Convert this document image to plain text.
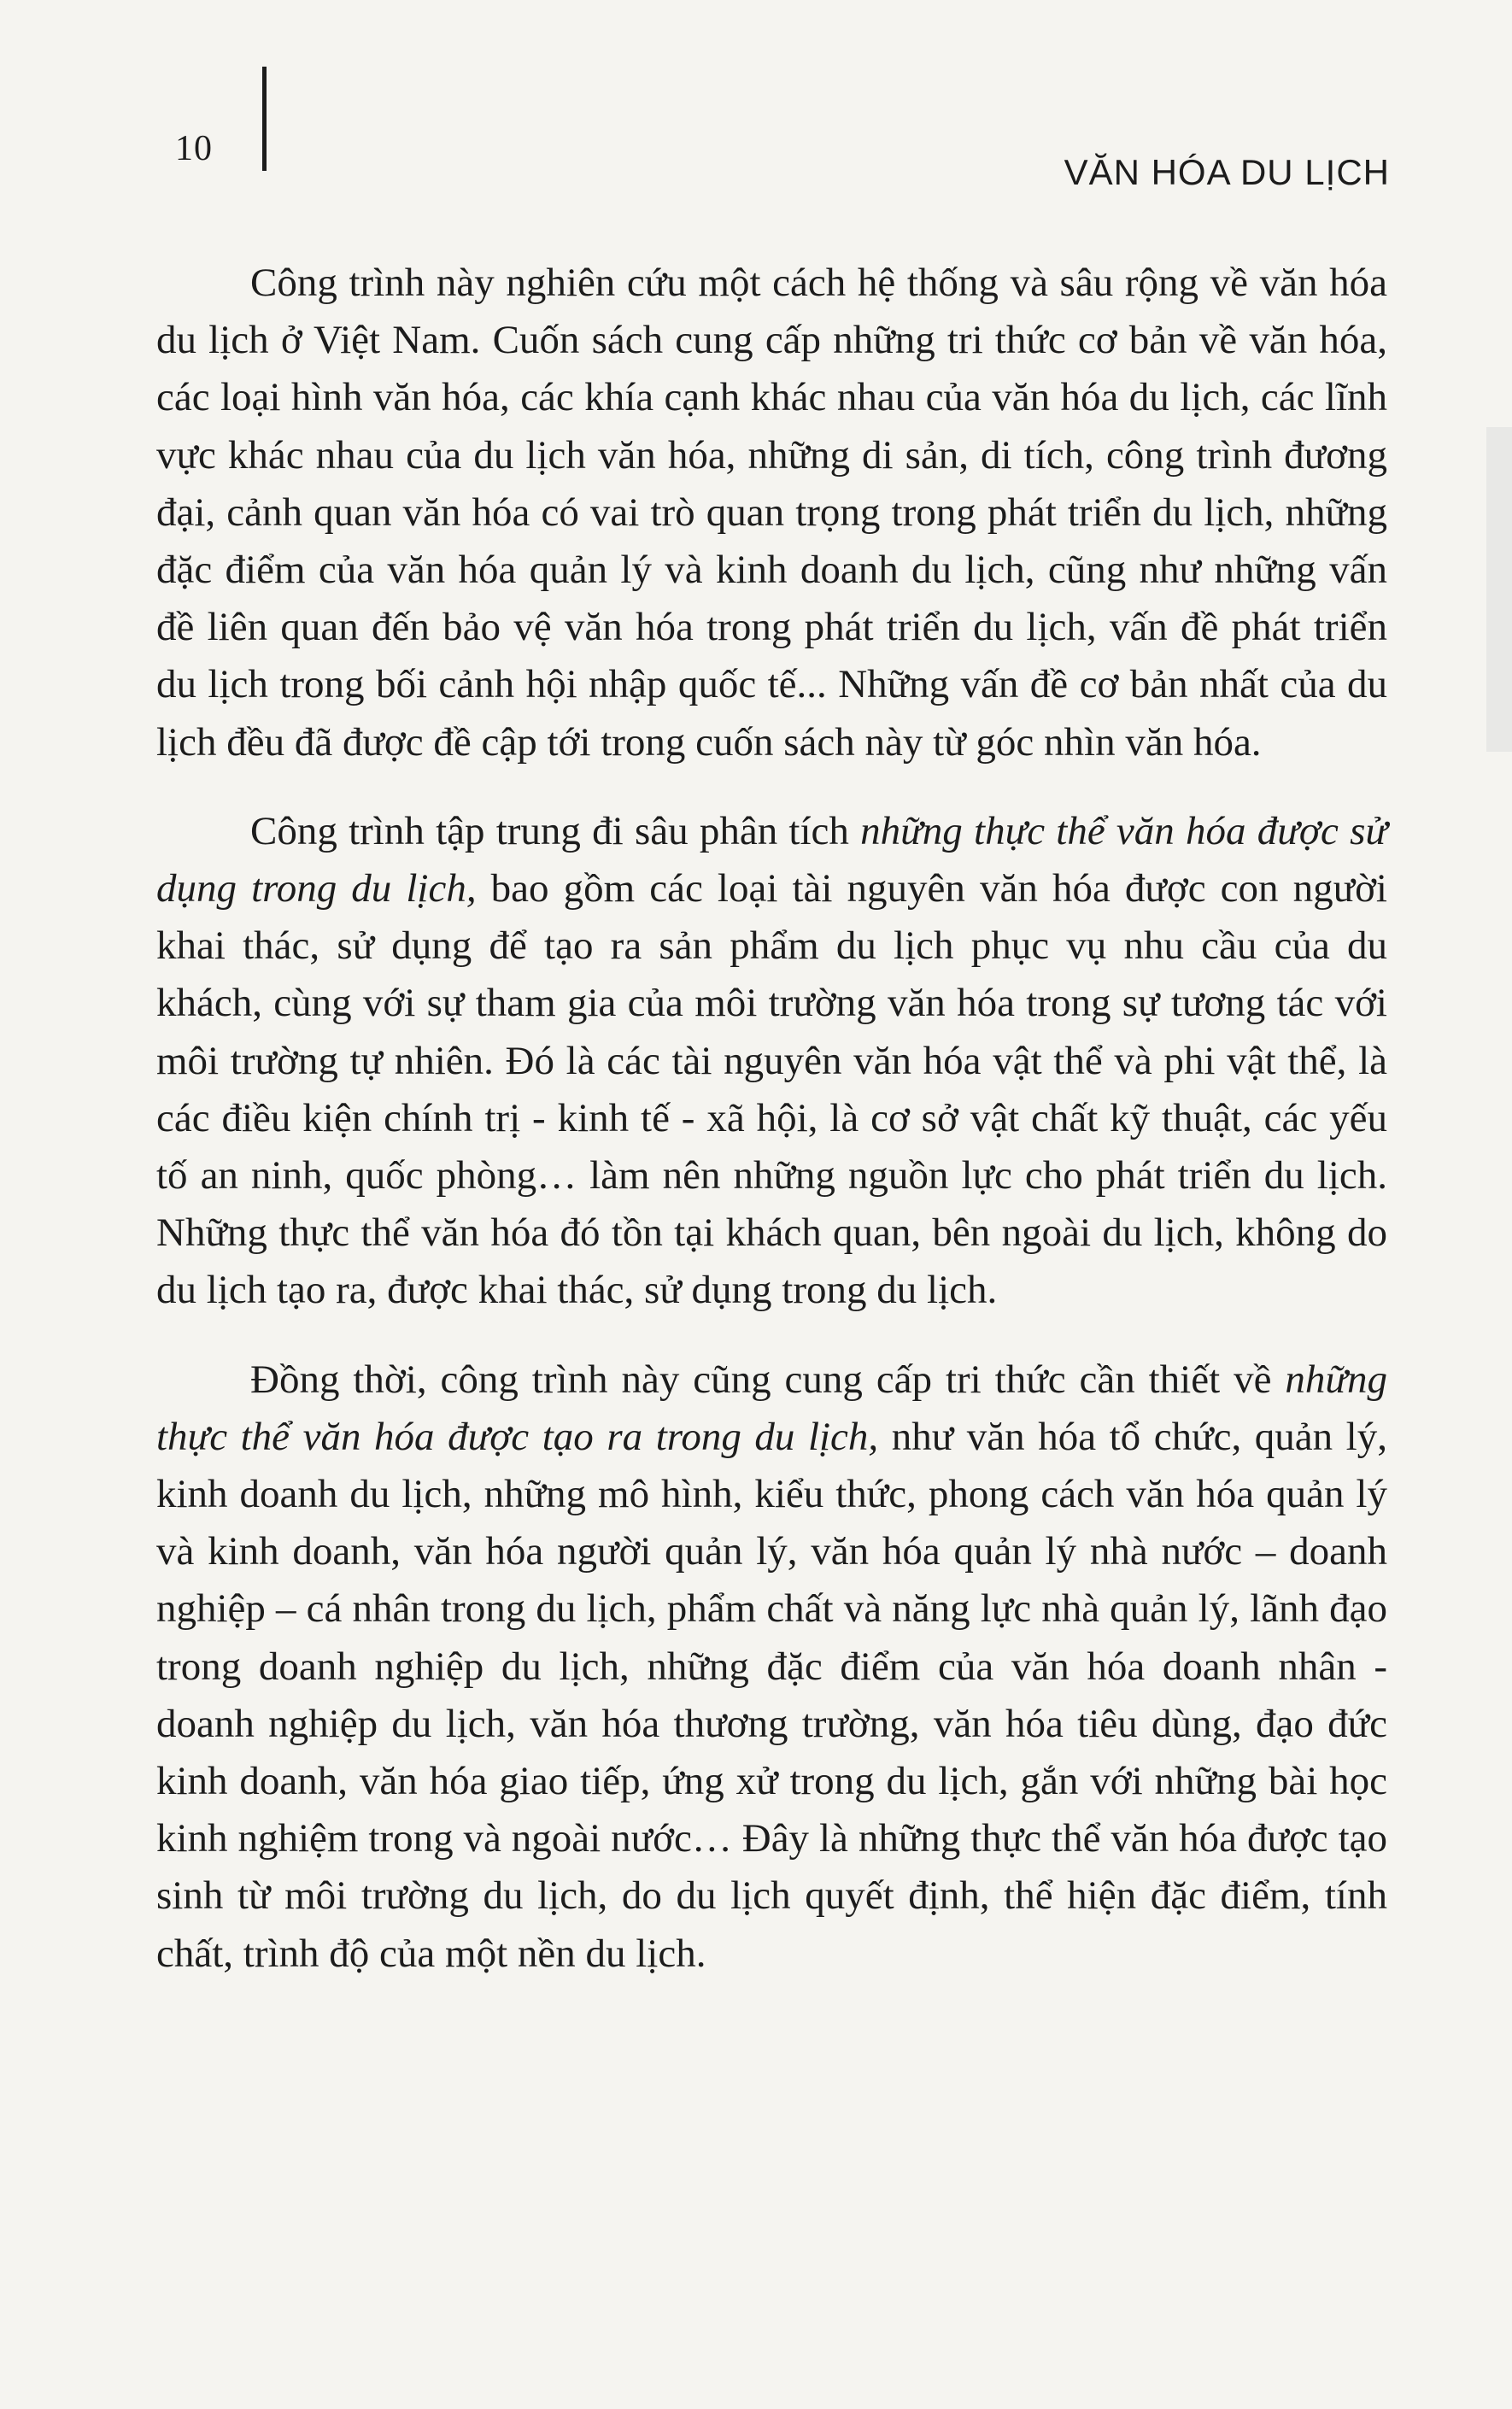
10
VĂN HÓA DU LỊCH

Công trình này nghiên cứu một cách hệ thống và sâu rộng về văn hóa du lịch ở Việt Nam. Cuốn sách cung cấp những tri thức cơ bản về văn hóa, các loại hình văn hóa, các khía cạnh khác nhau của văn hóa du lịch, các lĩnh vực khác nhau của du lịch văn hóa, những di sản, di tích, công trình đương đại, cảnh quan văn hóa có vai trò quan trọng trong phát triển du lịch, những đặc điểm của văn hóa quản lý và kinh doanh du lịch, cũng như những vấn đề liên quan đến bảo vệ văn hóa trong phát triển du lịch, vấn đề phát triển du lịch trong bối cảnh hội nhập quốc tế... Những vấn đề cơ bản nhất của du lịch đều đã được đề cập tới trong cuốn sách này từ góc nhìn văn hóa.

Công trình tập trung đi sâu phân tích những thực thể văn hóa được sử dụng trong du lịch, bao gồm các loại tài nguyên văn hóa được con người khai thác, sử dụng để tạo ra sản phẩm du lịch phục vụ nhu cầu của du khách, cùng với sự tham gia của môi trường văn hóa trong sự tương tác với môi trường tự nhiên. Đó là các tài nguyên văn hóa vật thể và phi vật thể, là các điều kiện chính trị - kinh tế - xã hội, là cơ sở vật chất kỹ thuật, các yếu tố an ninh, quốc phòng… làm nên những nguồn lực cho phát triển du lịch. Những thực thể văn hóa đó tồn tại khách quan, bên ngoài du lịch, không do du lịch tạo ra, được khai thác, sử dụng trong du lịch.

Đồng thời, công trình này cũng cung cấp tri thức cần thiết về những thực thể văn hóa được tạo ra trong du lịch, như văn hóa tổ chức, quản lý, kinh doanh du lịch, những mô hình, kiểu thức, phong cách văn hóa quản lý và kinh doanh, văn hóa người quản lý, văn hóa quản lý nhà nước – doanh nghiệp – cá nhân trong du lịch, phẩm chất và năng lực nhà quản lý, lãnh đạo trong doanh nghiệp du lịch, những đặc điểm của văn hóa doanh nhân - doanh nghiệp du lịch, văn hóa thương trường, văn hóa tiêu dùng, đạo đức kinh doanh, văn hóa giao tiếp, ứng xử trong du lịch, gắn với những bài học kinh nghiệm trong và ngoài nước… Đây là những thực thể văn hóa được tạo sinh từ môi trường du lịch, do du lịch quyết định, thể hiện đặc điểm, tính chất, trình độ của một nền du lịch.
